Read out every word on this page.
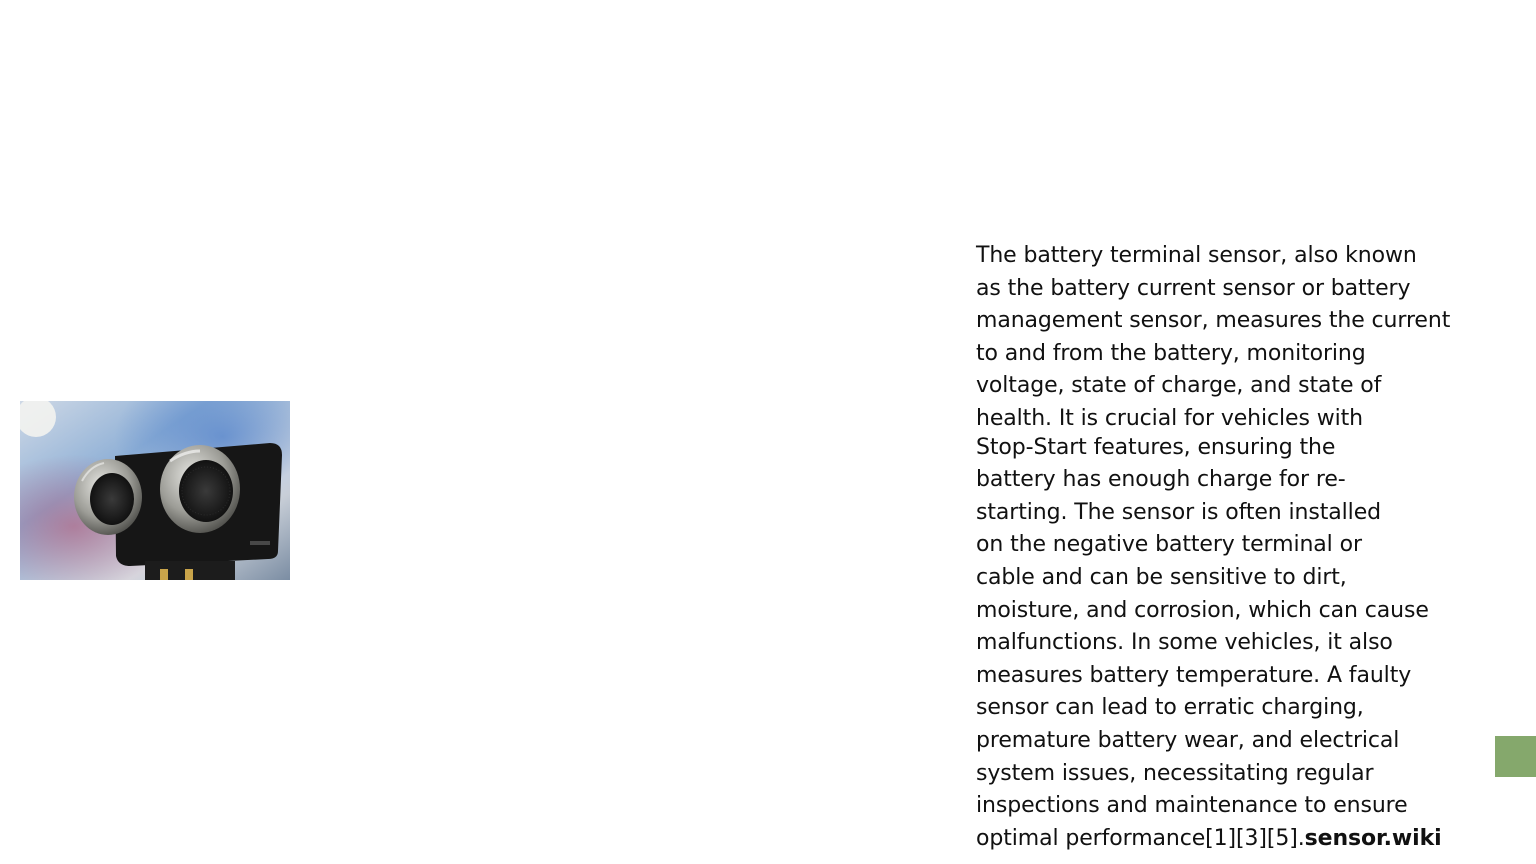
The battery terminal sensor, also known
as the battery current sensor or battery
management sensor, measures the current
to and from the battery, monitoring
voltage, state of charge, and state of
health. It is crucial for vehicles with

Stop-Start features, ensuring the
battery has enough charge for re-
starting. The sensor is often installed
on the negative battery terminal or
cable and can be sensitive to dirt,
moisture, and corrosion, which can cause
malfunctions. In some vehicles, it also
measures battery temperature. A faulty
sensor can lead to erratic charging,
premature battery wear, and electrical
system issues, necessitating regular
inspections and maintenance to ensure
optimal performance[1][3][5].sensor.wiki
